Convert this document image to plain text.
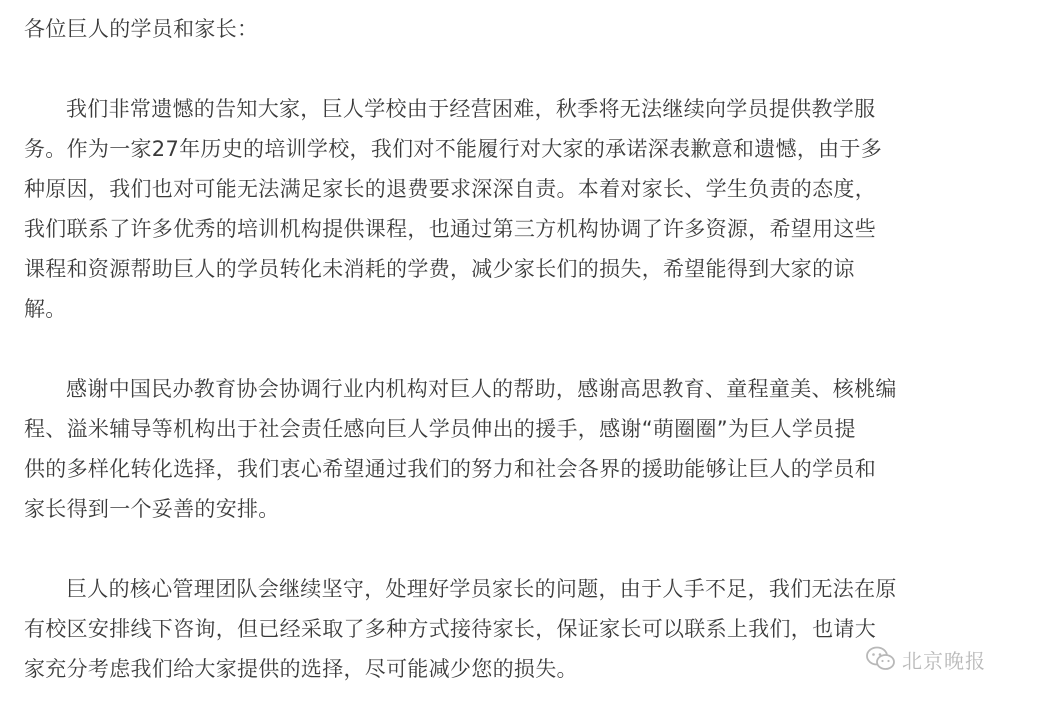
各位巨人的学员和家长：
我们非常遗憾的告知大家，巨人学校由于经营困难，秋季将无法继续向学员提供教学服
务。作为一家27年历史的培训学校，我们对不能履行对大家的承诺深表歉意和遗憾，由于多
种原因，我们也对可能无法满足家长的退费要求深深自责。本着对家长、学生负责的态度，
我们联系了许多优秀的培训机构提供课程，也通过第三方机构协调了许多资源，希望用这些
课程和资源帮助巨人的学员转化未消耗的学费，减少家长们的损失，希望能得到大家的谅
解。
感谢中国民办教育协会协调行业内机构对巨人的帮助，感谢高思教育、童程童美、核桃编
程、溢米辅导等机构出于社会责任感向巨人学员伸出的援手，感谢“萌圈圈”为巨人学员提
供的多样化转化选择，我们衷心希望通过我们的努力和社会各界的援助能够让巨人的学员和
家长得到一个妥善的安排。
巨人的核心管理团队会继续坚守，处理好学员家长的问题，由于人手不足，我们无法在原
有校区安排线下咨询，但已经采取了多种方式接待家长，保证家长可以联系上我们，也请大
家充分考虑我们给大家提供的选择，尽可能减少您的损失。	北京晚报
